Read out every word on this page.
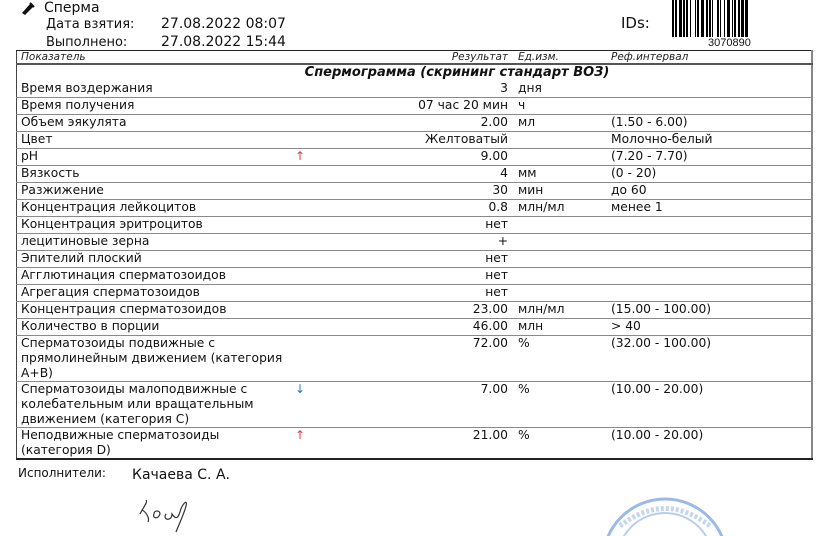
Сперма
Дата взятия: 27.08.2022 08:07
Выполнено: 27.08.2022 15:44
IDs:
3070890
Показатель		Результат	Ед.изм.	Реф.интервал
Спермограмма (скрининг стандарт ВОЗ)				
Время воздержания		3	дня	
Время получения		07 час 20 мин	ч	
Объем эякулята		2.00	мл	(1.50 - 6.00)
Цвет		Желтоватый		Молочно-белый
pH	↑	9.00		(7.20 - 7.70)
Вязкость		4	мм	(0 - 20)
Разжижение		30	мин	до 60
Концентрация лейкоцитов		0.8	млн/мл	менее 1
Концентрация эритроцитов		нет		
лецитиновые зерна		+		
Эпителий плоский		нет		
Агглютинация сперматозоидов		нет		
Агрегация сперматозоидов		нет		
Концентрация сперматозоидов		23.00	млн/мл	(15.00 - 100.00)
Количество в порции		46.00	млн	> 40
Сперматозоиды подвижные с прямолинейным движением (категория А+В)		72.00	%	(32.00 - 100.00)
Сперматозоиды малоподвижные с колебательным или вращательным движением (категория С)	↓	7.00	%	(10.00 - 20.00)
Неподвижные сперматозоиды (категория D)	↑	21.00	%	(10.00 - 20.00)
Исполнители: Качаева С. А.
